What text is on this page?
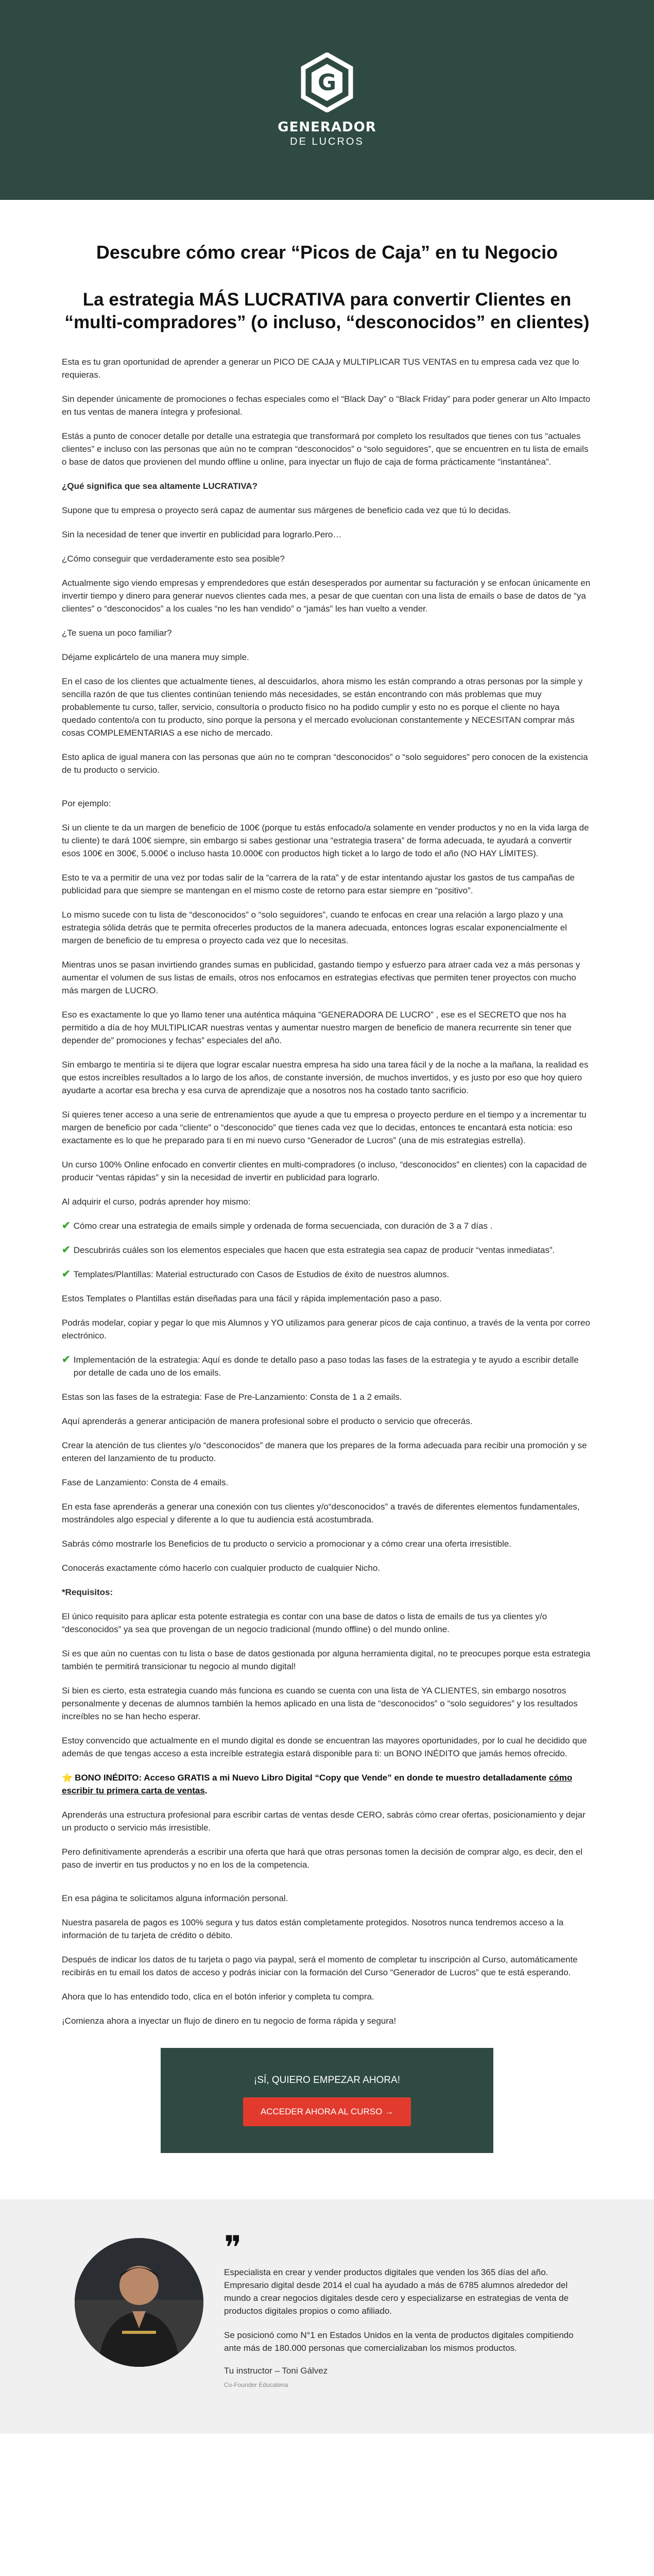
G
GENERADOR
DE LUCROS
Descubre cómo crear “Picos de Caja” en tu Negocio
La estrategia MÁS LUCRATIVA para convertir Clientes en “multi-compradores” (o incluso, “desconocidos” en clientes)

Esta es tu gran oportunidad de aprender a generar un PICO DE CAJA y MULTIPLICAR TUS VENTAS en tu empresa cada vez que lo requieras.

Sin depender únicamente de promociones o fechas especiales como el “Black Day” o “Black Friday” para poder generar un Alto Impacto en tus ventas de manera íntegra y profesional.

Estás a punto de conocer detalle por detalle una estrategia que transformará por completo los resultados que tienes con tus “actuales clientes” e incluso con las personas que aún no te compran “desconocidos” o “solo seguidores”, que se encuentren en tu lista de emails o base de datos que provienen del mundo offline u online, para inyectar un flujo de caja de forma prácticamente “instantánea”.

¿Qué significa que sea altamente LUCRATIVA?

Supone que tu empresa o proyecto será capaz de aumentar sus márgenes de beneficio cada vez que tú lo decidas.

Sin la necesidad de tener que invertir en publicidad para lograrlo.Pero…

¿Cómo conseguir que verdaderamente esto sea posible?

Actualmente sigo viendo empresas y emprendedores que están desesperados por aumentar su facturación y se enfocan únicamente en invertir tiempo y dinero para generar nuevos clientes cada mes, a pesar de que cuentan con una lista de emails o base de datos de “ya clientes” o “desconocidos” a los cuales “no les han vendido” o “jamás” les han vuelto a vender.

¿Te suena un poco familiar?

Déjame explicártelo de una manera muy simple.

En el caso de los clientes que actualmente tienes, al descuidarlos, ahora mismo les están comprando a otras personas por la simple y sencilla razón de que tus clientes continúan teniendo más necesidades, se están encontrando con más problemas que muy probablemente tu curso, taller, servicio, consultoría o producto físico no ha podido cumplir y esto no es porque el cliente no haya quedado contento/a con tu producto, sino porque la persona y el mercado evolucionan constantemente y NECESITAN comprar más cosas COMPLEMENTARIAS a ese nicho de mercado.

Esto aplica de igual manera con las personas que aún no te compran “desconocidos” o “solo seguidores” pero conocen de la existencia de tu producto o servicio.

Por ejemplo:

Si un cliente te da un margen de beneficio de 100€ (porque tu estás enfocado/a solamente en vender productos y no en la vida larga de tu cliente) te dará 100€ siempre, sin embargo si sabes gestionar una “estrategia trasera” de forma adecuada, te ayudará a convertir esos 100€ en 300€, 5.000€ o incluso hasta 10.000€ con productos high ticket a lo largo de todo el año (NO HAY LÍMITES).

Esto te va a permitir de una vez por todas salir de la “carrera de la rata” y de estar intentando ajustar los gastos de tus campañas de publicidad para que siempre se mantengan en el mismo coste de retorno para estar siempre en “positivo”.

Lo mismo sucede con tu lista de “desconocidos” o “solo seguidores”, cuando te enfocas en crear una relación a largo plazo y una estrategia sólida detrás que te permita ofrecerles productos de la manera adecuada, entonces logras escalar exponencialmente el margen de beneficio de tu empresa o proyecto cada vez que lo necesitas.

Mientras unos se pasan invirtiendo grandes sumas en publicidad, gastando tiempo y esfuerzo para atraer cada vez a más personas y aumentar el volumen de sus listas de emails, otros nos enfocamos en estrategias efectivas que permiten tener proyectos con mucho más margen de LUCRO.

Eso es exactamente lo que yo llamo tener una auténtica máquina “GENERADORA DE LUCRO” , ese es el SECRETO que nos ha permitido a día de hoy MULTIPLICAR nuestras ventas y aumentar nuestro margen de beneficio de manera recurrente sin tener que depender de” promociones y fechas” especiales del año.

Sin embargo te mentiría si te dijera que lograr escalar nuestra empresa ha sido una tarea fácil y de la noche a la mañana, la realidad es que estos increíbles resultados a lo largo de los años, de constante inversión, de muchos invertidos, y es justo por eso que hoy quiero ayudarte a acortar esa brecha y esa curva de aprendizaje que a nosotros nos ha costado tanto sacrificio.

Si quieres tener acceso a una serie de entrenamientos que ayude a que tu empresa o proyecto perdure en el tiempo y a incrementar tu margen de beneficio por cada “cliente” o “desconocido” que tienes cada vez que lo decidas, entonces te encantará esta noticia: eso exactamente es lo que he preparado para ti en mi nuevo curso “Generador de Lucros” (una de mis estrategias estrella).

Un curso 100% Online enfocado en convertir clientes en multi-compradores (o incluso, “desconocidos” en clientes) con la capacidad de producir “ventas rápidas” y sin la necesidad de invertir en publicidad para lograrlo.

Al adquirir el curso, podrás aprender hoy mismo:

✔ Cómo crear una estrategia de emails simple y ordenada de forma secuenciada, con duración de 3 a 7 días .
✔ Descubrirás cuáles son los elementos especiales que hacen que esta estrategia sea capaz de producir “ventas inmediatas”.
✔ Templates/Plantillas: Material estructurado con Casos de Estudios de éxito de nuestros alumnos.

Estos Templates o Plantillas están diseñadas para una fácil y rápida implementación paso a paso.

Podrás modelar, copiar y pegar lo que mis Alumnos y YO utilizamos para generar picos de caja continuo, a través de la venta por correo electrónico.

✔ Implementación de la estrategia: Aquí es donde te detallo paso a paso todas las fases de la estrategia y te ayudo a escribir detalle por detalle de cada uno de los emails.

Estas son las fases de la estrategia: Fase de Pre-Lanzamiento: Consta de 1 a 2 emails.

Aquí aprenderás a generar anticipación de manera profesional sobre el producto o servicio que ofrecerás.

Crear la atención de tus clientes y/o “desconocidos” de manera que los prepares de la forma adecuada para recibir una promoción y se enteren del lanzamiento de tu producto.

Fase de Lanzamiento: Consta de 4 emails.

En esta fase aprenderás a generar una conexión con tus clientes y/o“desconocidos” a través de diferentes elementos fundamentales, mostrándoles algo especial y diferente a lo que tu audiencia está acostumbrada.

Sabrás cómo mostrarle los Beneficios de tu producto o servicio a promocionar y a cómo crear una oferta irresistible.

Conocerás exactamente cómo hacerlo con cualquier producto de cualquier Nicho.

*Requisitos:

El único requisito para aplicar esta potente estrategia es contar con una base de datos o lista de emails de tus ya clientes y/o “desconocidos” ya sea que provengan de un negocio tradicional (mundo offline) o del mundo online.

Si es que aún no cuentas con tu lista o base de datos gestionada por alguna herramienta digital, no te preocupes porque esta estrategia también te permitirá transicionar tu negocio al mundo digital!

Si bien es cierto, esta estrategia cuando más funciona es cuando se cuenta con una lista de YA CLIENTES, sin embargo nosotros personalmente y decenas de alumnos también la hemos aplicado en una lista de “desconocidos” o “solo seguidores” y los resultados increíbles no se han hecho esperar.

Estoy convencido que actualmente en el mundo digital es donde se encuentran las mayores oportunidades, por lo cual he decidido que además de que tengas acceso a esta increíble estrategia estará disponible para ti: un BONO INÉDITO que jamás hemos ofrecido.

⭐ BONO INÉDITO: Acceso GRATIS a mi Nuevo Libro Digital “Copy que Vende” en donde te muestro detalladamente cómo escribir tu primera carta de ventas.

Aprenderás una estructura profesional para escribir cartas de ventas desde CERO, sabrás cómo crear ofertas, posicionamiento y dejar un producto o servicio más irresistible.

Pero definitivamente aprenderás a escribir una oferta que hará que otras personas tomen la decisión de comprar algo, es decir, den el paso de invertir en tus productos y no en los de la competencia.

En esa página te solicitamos alguna información personal.

Nuestra pasarela de pagos es 100% segura y tus datos están completamente protegidos. Nosotros nunca tendremos acceso a la información de tu tarjeta de crédito o débito.

Después de indicar los datos de tu tarjeta o pago via paypal, será el momento de completar tu inscripción al Curso, automáticamente recibirás en tu email los datos de acceso y podrás iniciar con la formación del Curso “Generador de Lucros” que te está esperando.

Ahora que lo has entendido todo, clica en el botón inferior y completa tu compra.

¡Comienza ahora a inyectar un flujo de dinero en tu negocio de forma rápida y segura!

¡SÍ, QUIERO EMPEZAR AHORA!
ACCEDER AHORA AL CURSO →
❞

Especialista en crear y vender productos digitales que venden los 365 días del año. Empresario digital desde 2014 el cual ha ayudado a más de 6785 alumnos alrededor del mundo a crear negocios digitales desde cero y especializarse en estrategias de venta de productos digitales propios o como afiliado.

Se posicionó como N°1 en Estados Unidos en la venta de productos digitales compitiendo ante más de 180.000 personas que comercializaban los mismos productos.

Tu instructor – Toni Gálvez
Co-Founder Educatena
